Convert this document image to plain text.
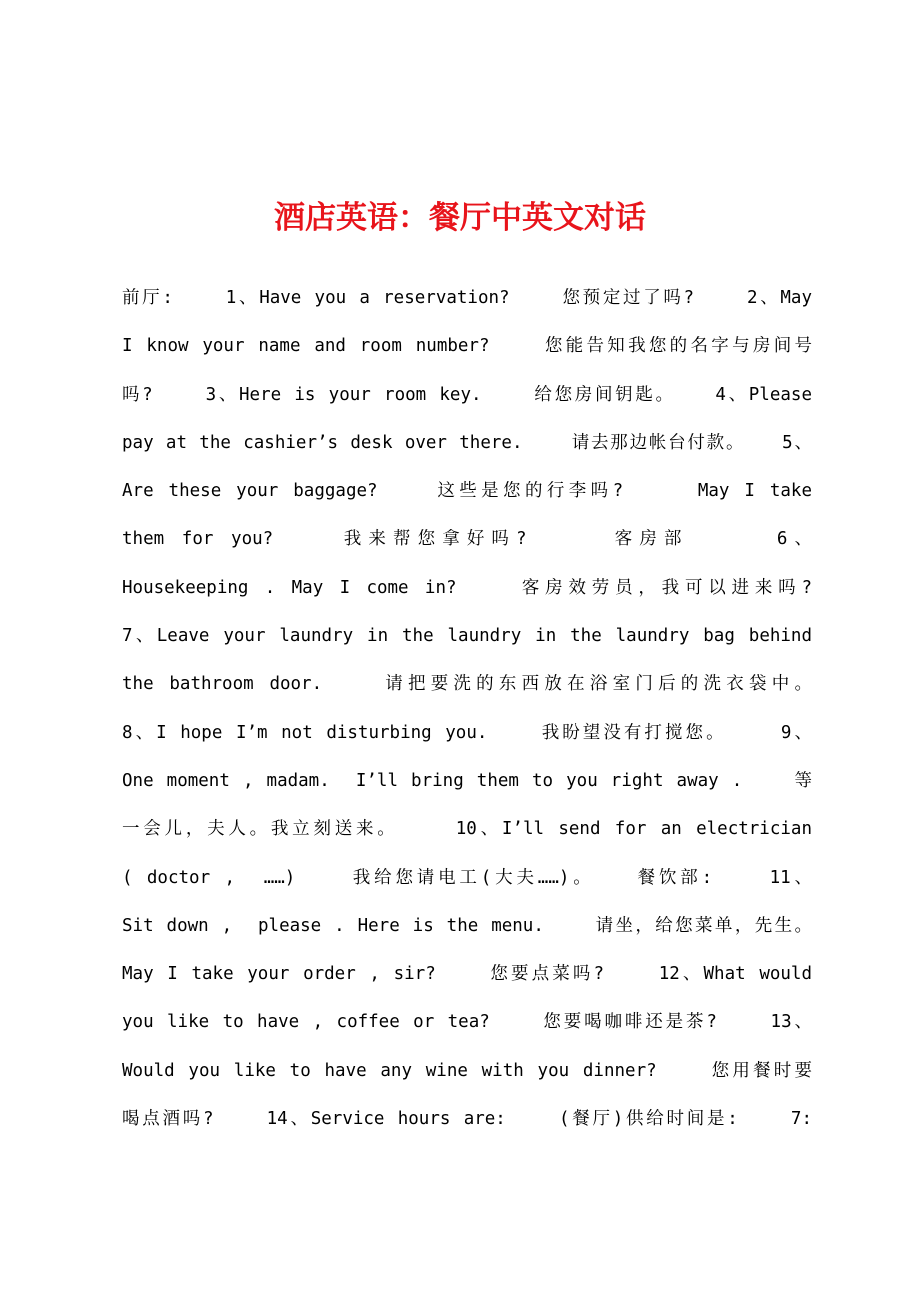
酒店英语：餐厅中英文对话
前厅:    1、Have you a reservation?    您预定过了吗?    2、May
I know your name and room number?    您能告知我您的名字与房间号
吗?    3、Here is your room key.    给您房间钥匙。   4、Please
pay at the cashier’s desk over there.    请去那边帐台付款。   5、
Are these your baggage?    这些是您的行李吗?     May I take
them for you?    我来帮您拿好吗?     客房部     6、
Housekeeping . May I come in?    客房效劳员，我可以进来吗?
7、Leave your laundry in the laundry in the laundry bag behind
the bathroom door.    请把要洗的东西放在浴室门后的洗衣袋中。
8、I hope I’m not disturbing you.    我盼望没有打搅您。    9、
One moment , madam.  I’ll bring them to you right away .    等
一会儿，夫人。我立刻送来。    10、I’ll send for an electrician
( doctor ,  ……)    我给您请电工(大夫……)。   餐饮部:    11、
Sit down ,  please . Here is the menu.    请坐，给您菜单，先生。
May I take your order , sir?    您要点菜吗?    12、What would
you like to have , coffee or tea?    您要喝咖啡还是茶?    13、
Would you like to have any wine with you dinner?    您用餐时要
喝点酒吗?    14、Service hours are:    (餐厅)供给时间是:    7:
